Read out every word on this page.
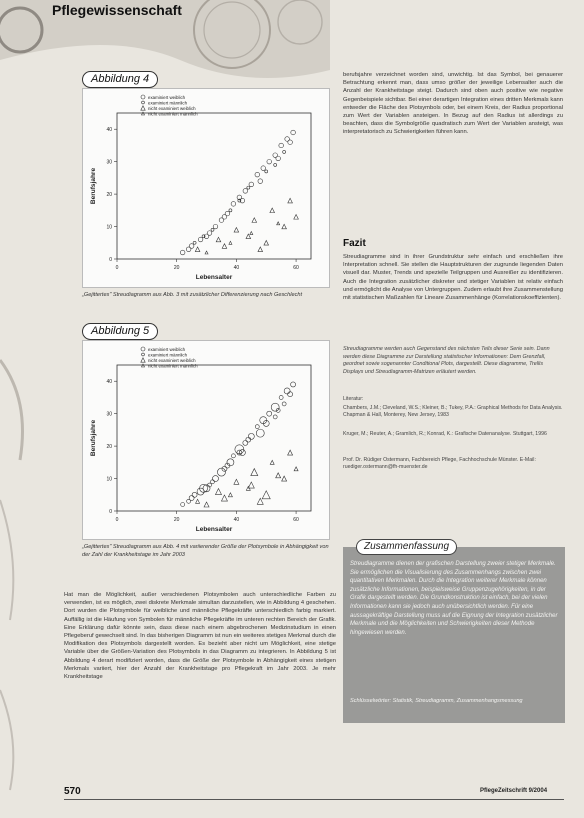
Pflegewissenschaft
Abbildung 4
0	20	40	60
0
10
20
30
40
Lebensalter
Berufsjahre
examiniert weiblich
examiniert männlich
nicht examiniert weiblich
nicht examiniert männlich
„Gejittertes" Streudiagramm aus Abb. 3 mit zusätzlicher Differenzierung nach Geschlecht
Abbildung 5
0	20	40	60
0
10
20
30
40
Lebensalter
Berufsjahre
examiniert weiblich
examiniert männlich
nicht examiniert weiblich
nicht examiniert männlich
„Gejittertes" Streudiagramm aus Abb. 4 mit variierender Größe der Plotsymbole in Abhängigkeit von der Zahl der Krankheitstage im Jahr 2003
Hat man die Möglichkeit, außer verschiedenen Plotsymbolen auch unterschiedliche Farben zu verwenden, ist es möglich, zwei diskrete Merkmale simultan darzustellen, wie in Abbildung 4 geschehen. Dort wurden die Plotsymbole für weibliche und männliche Pflegekräfte unterschiedlich farbig markiert. Auffällig ist die Häufung von Symbolen für männliche Pflegekräfte im unteren rechten Bereich der Grafik. Eine Erklärung dafür könnte sein, dass diese nach einem abgebrochenen Medizinstudium in einen Pflegeberuf gewechselt sind. In das bisherigen Diagramm ist nun ein weiteres stetiges Merkmal durch die Modifikation des Plotsymbols dargestellt worden. Es bezieht aber nicht um Möglichkeit, eine stetige Variable über die Größen-Variation des Plotsymbols in das Diagramm zu integrieren. In Abbildung 5 ist Abbildung 4 derart modifiziert worden, dass die Größe der Plotsymbole in Abhängigkeit eines stetigen Merkmals variiert, hier der Anzahl der Krankheitstage pro Pflegekraft im Jahr 2003. Je mehr Krankheitstage
berufsjahre verzeichnet worden sind, unwichtig. Ist das Symbol, bei genauerer Betrachtung erkennt man, dass umso größer der jeweilige Lebensalter auch die Anzahl der Krankheitstage steigt. Dadurch sind oben auch positive wie negative Gegenbeispiele sichtbar. Bei einer derartigen Integration eines dritten Merkmals kann entweder die Fläche des Plotsymbols oder, bei einem Kreis, der Radius proportional zum Wert der Variablen ansteigen. In Bezug auf den Radius ist allerdings zu beachten, dass die Symbolgröße quadratisch zum Wert der Variablen ansteigt, was interpretatorisch zu Schwierigkeiten führen kann.
Fazit
Streudiagramme sind in ihrer Grundstruktur sehr einfach und erschließen ihre Interpretation schnell. Sie stellen die Hauptstrukturen der zugrunde liegenden Daten visuell dar. Muster, Trends und spezielle Teilgruppen und Ausreißer zu identifizieren. Auch die Integration zusätzlicher diskreter und stetiger Variablen ist relativ einfach und ermöglicht die Analyse von Untergruppen. Zudem erlaubt ihre Zusammenstellung mit statistischen Maßzahlen für Lineare Zusammenhänge (Korrelationskoeffizienten).
Streudiagramme werden auch Gegenstand des nächsten Teils dieser Serie sein. Dann werden diese Diagramme zur Darstellung statistischer Informationen: Dem Grenzfall, geordnet sowie sogenannter Conditional Plots, dargestellt. Diese diagramme, Trellis Displays und Streudiagramm-Matrizen erläutert werden.
Literatur:
Chambers, J.M.; Cleveland, W.S.; Kleiner, B.; Tukey, P.A.: Graphical Methods for Data Analysis. Chapman & Hall, Monterey, New Jersey, 1983
Kruger, M.; Reuter, A.; Gramlich, R.; Konrad, K.: Grafische Datenanalyse. Stuttgart, 1996
Prof. Dr. Rüdiger Ostermann, Fachbereich Pflege, Fachhochschule Münster. E-Mail: ruediger.ostermann@fh-muenster.de
Zusammenfassung
Streudiagramme dienen der grafischen Darstellung zweier stetiger Merkmale. Sie ermöglichen die Visualisierung des Zusammenhangs zwischen zwei quantitativen Merkmalen. Durch die Integration weiterer Merkmale können zusätzliche Informationen, beispielsweise Gruppenzugehörigkeiten, in der Grafik dargestellt werden. Die Grundkonstruktion ist einfach, bei der vielen Informationen kann sie jedoch auch unübersichtlich werden. Für eine aussagekräftige Darstellung muss auf die Eignung der Integration zusätzlicher Merkmale und die Möglichkeiten und Schwierigkeiten dieser Methode hingewiesen werden.
Schlüsselwörter: Statistik, Streudiagramm, Zusammenhangsmessung
570	PflegeZeitschrift 9/2004
